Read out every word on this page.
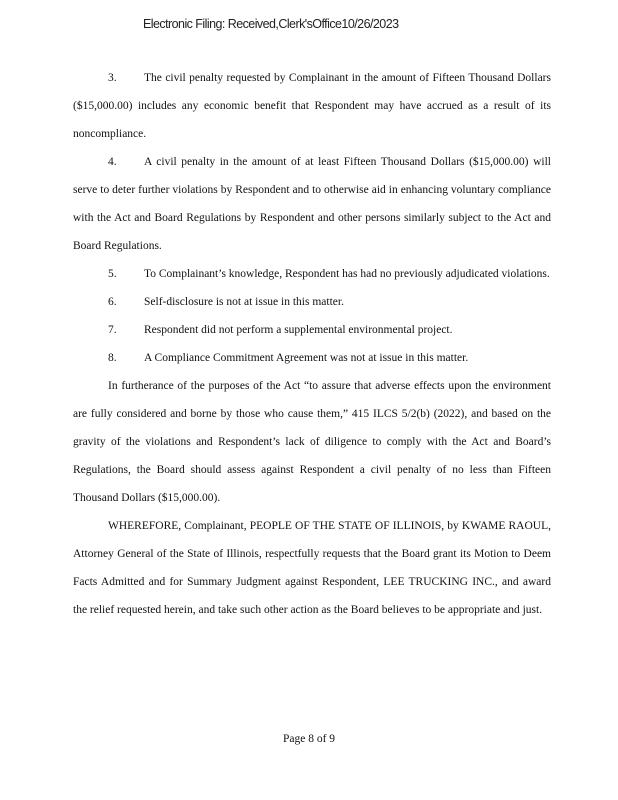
Electronic Filing: Received,Clerk'sOffice10/26/2023

3. The civil penalty requested by Complainant in the amount of Fifteen Thousand Dollars ($15,000.00) includes any economic benefit that Respondent may have accrued as a result of its noncompliance.

4. A civil penalty in the amount of at least Fifteen Thousand Dollars ($15,000.00) will serve to deter further violations by Respondent and to otherwise aid in enhancing voluntary compliance with the Act and Board Regulations by Respondent and other persons similarly subject to the Act and Board Regulations.

5. To Complainant’s knowledge, Respondent has had no previously adjudicated violations.

6. Self-disclosure is not at issue in this matter.

7. Respondent did not perform a supplemental environmental project.

8. A Compliance Commitment Agreement was not at issue in this matter.

In furtherance of the purposes of the Act “to assure that adverse effects upon the environment are fully considered and borne by those who cause them,” 415 ILCS 5/2(b) (2022), and based on the gravity of the violations and Respondent’s lack of diligence to comply with the Act and Board’s Regulations, the Board should assess against Respondent a civil penalty of no less than Fifteen Thousand Dollars ($15,000.00).

WHEREFORE, Complainant, PEOPLE OF THE STATE OF ILLINOIS, by KWAME RAOUL, Attorney General of the State of Illinois, respectfully requests that the Board grant its Motion to Deem Facts Admitted and for Summary Judgment against Respondent, LEE TRUCKING INC., and award the relief requested herein, and take such other action as the Board believes to be appropriate and just.

Page 8 of 9
